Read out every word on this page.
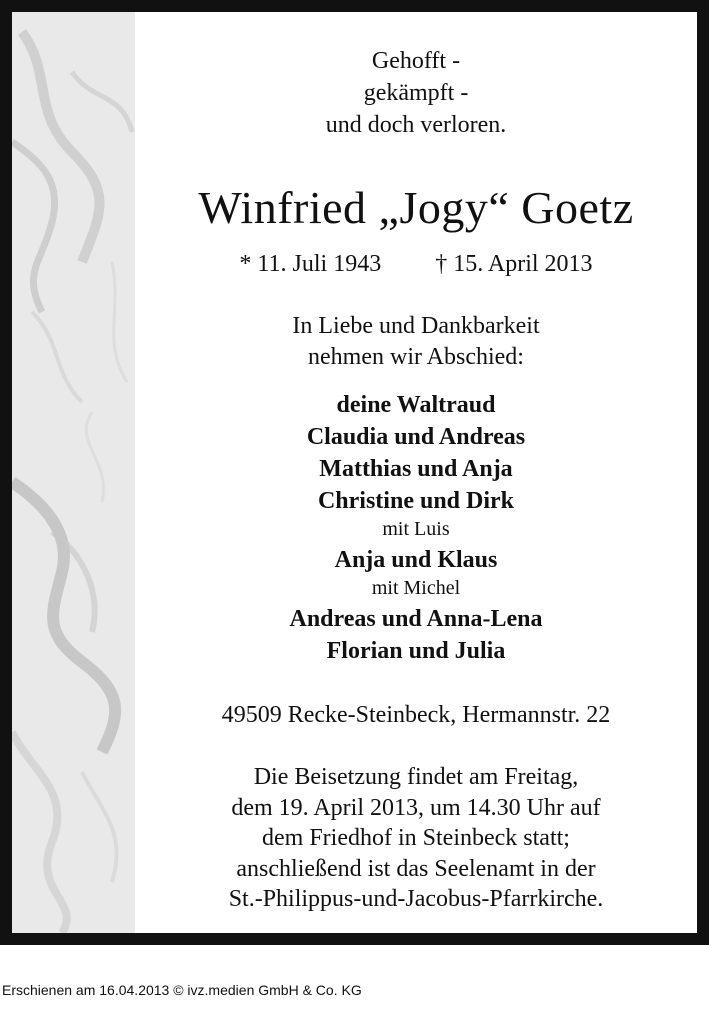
Gehofft -
gekämpft -
und doch verloren.
Winfried „Jogy“ Goetz
* 11. Juli 1943 † 15. April 2013
In Liebe und Dankbarkeit
nehmen wir Abschied:
deine Waltraud
Claudia und Andreas
Matthias und Anja
Christine und Dirk
mit Luis
Anja und Klaus
mit Michel
Andreas und Anna-Lena
Florian und Julia
49509 Recke-Steinbeck, Hermannstr. 22
Die Beisetzung findet am Freitag,
dem 19. April 2013, um 14.30 Uhr auf
dem Friedhof in Steinbeck statt;
anschließend ist das Seelenamt in der
St.-Philippus-und-Jacobus-Pfarrkirche.
Erschienen am 16.04.2013 © ivz.medien GmbH & Co. KG
